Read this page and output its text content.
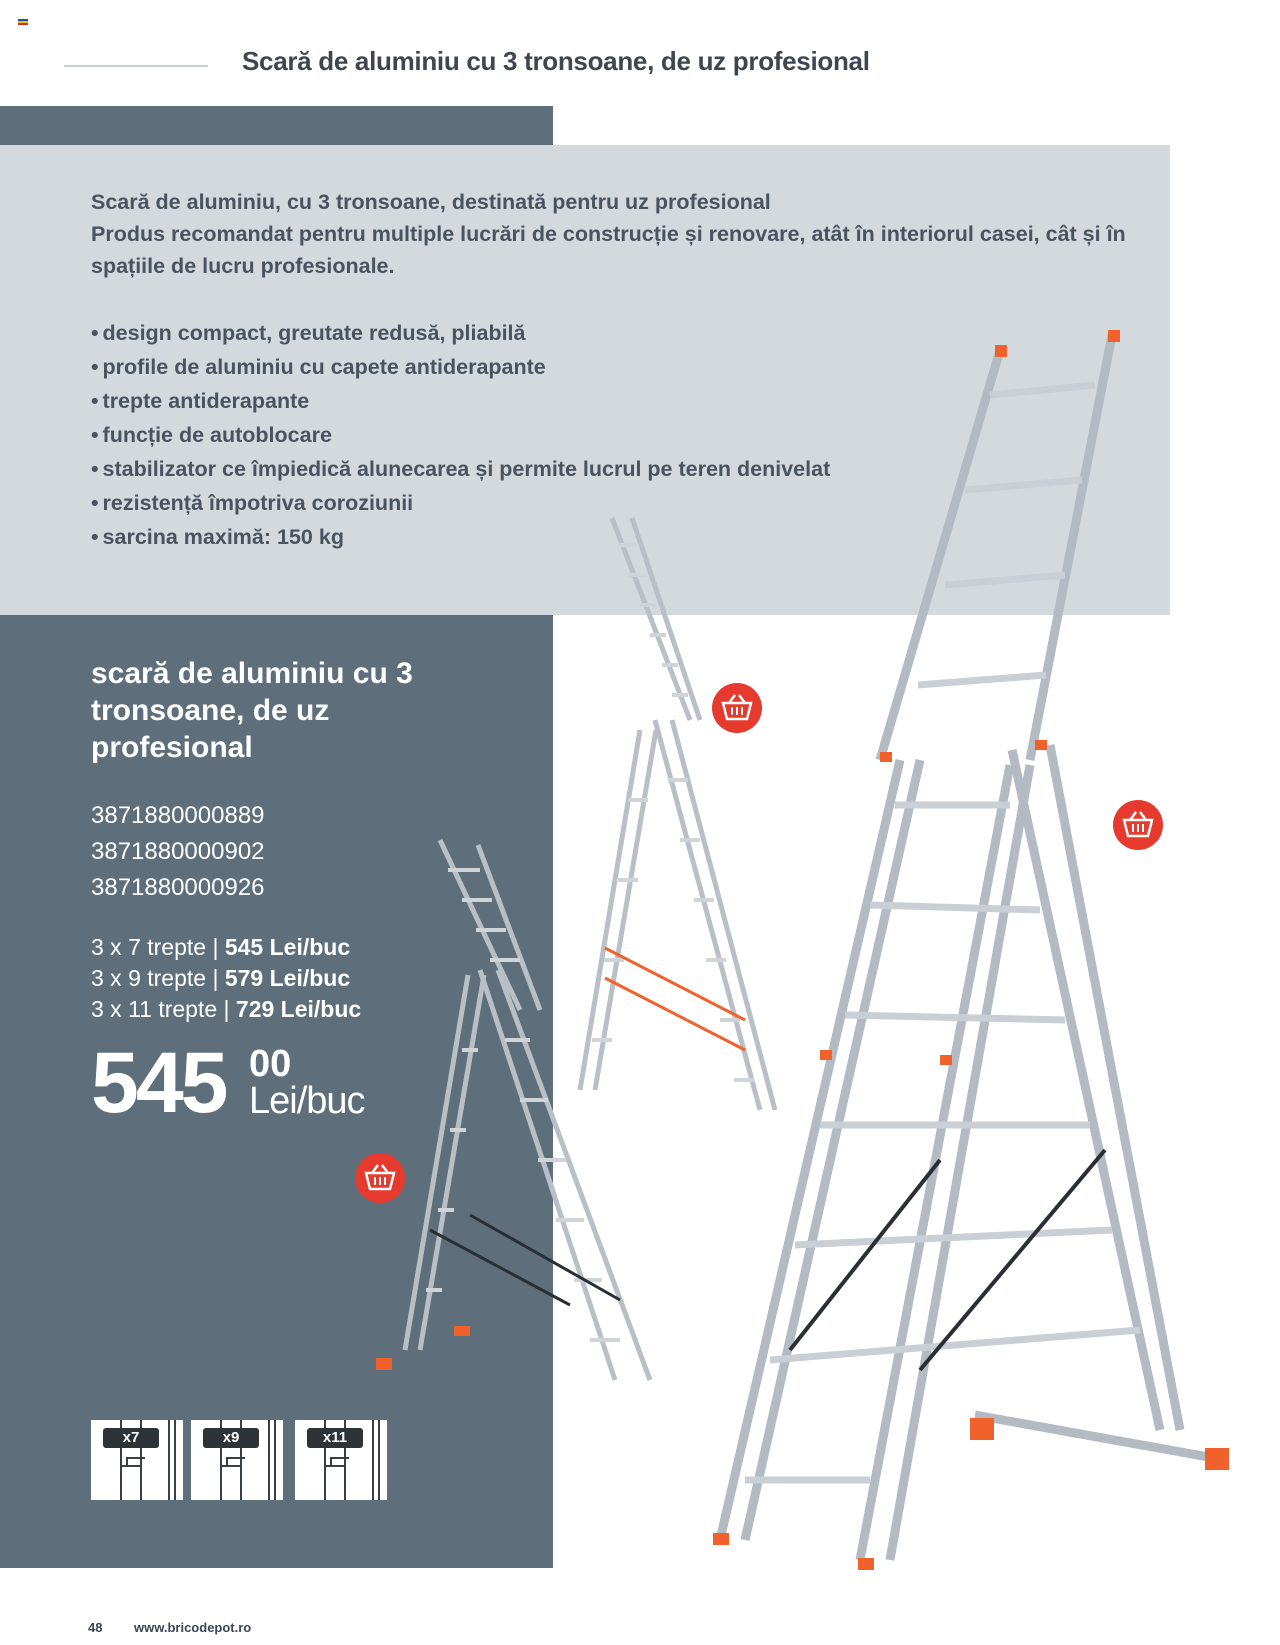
Scară de aluminiu cu 3 tronsoane, de uz profesional

Scară de aluminiu, cu 3 tronsoane, destinată pentru uz profesional

Produs recomandat pentru multiple lucrări de construcție și renovare, atât în interiorul casei, cât și în spațiile de lucru profesionale.

• design compact, greutate redusă, pliabilă
• profile de aluminiu cu capete antiderapante
• trepte antiderapante
• funcție de autoblocare
• stabilizator ce împiedică alunecarea și permite lucrul pe teren denivelat
• rezistență împotriva coroziunii
• sarcina maximă: 150 kg
scară de aluminiu cu 3 tronsoane, de uz profesional
3871880000889
3871880000902
3871880000926
3 x 7 trepte | 545 Lei/buc
3 x 9 trepte | 579 Lei/buc
3 x 11 trepte | 729 Lei/buc
545 00
Lei/buc
x7	x9	x11
48 www.bricodepot.ro
